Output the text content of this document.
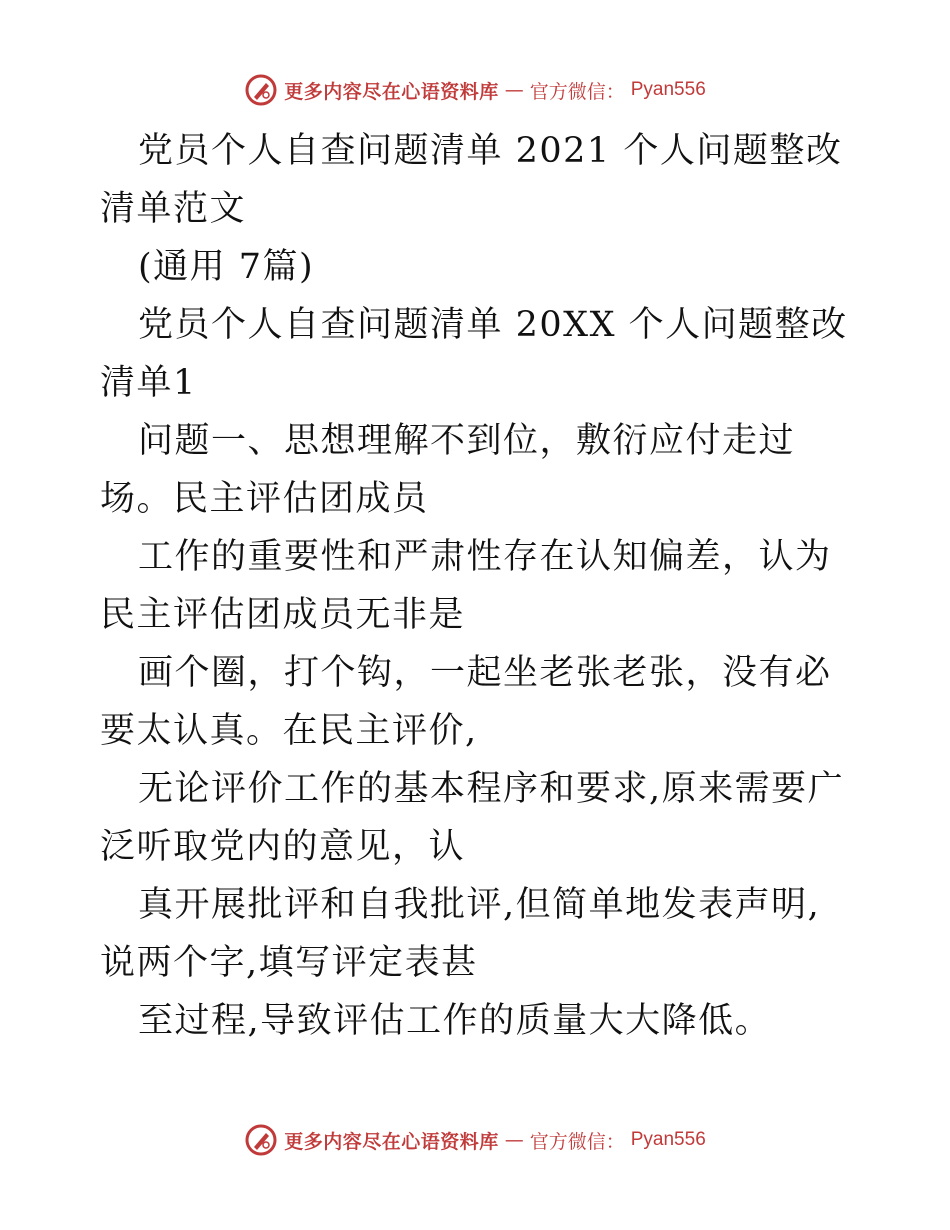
更多内容尽在心语资料库 — 官方微信： Pyan556

党员个人自查问题清单 2021 个人问题整改清单范文

(通用 7篇)

党员个人自查问题清单 20XX 个人问题整改清单1

问题一、思想理解不到位，敷衍应付走过场。民主评估团成员

工作的重要性和严肃性存在认知偏差，认为民主评估团成员无非是

画个圈，打个钩，一起坐老张老张，没有必要太认真。在民主评价,

无论评价工作的基本程序和要求,原来需要广泛听取党内的意见，认

真开展批评和自我批评,但简单地发表声明,说两个字,填写评定表甚

至过程,导致评估工作的质量大大降低。

更多内容尽在心语资料库 — 官方微信： Pyan556
